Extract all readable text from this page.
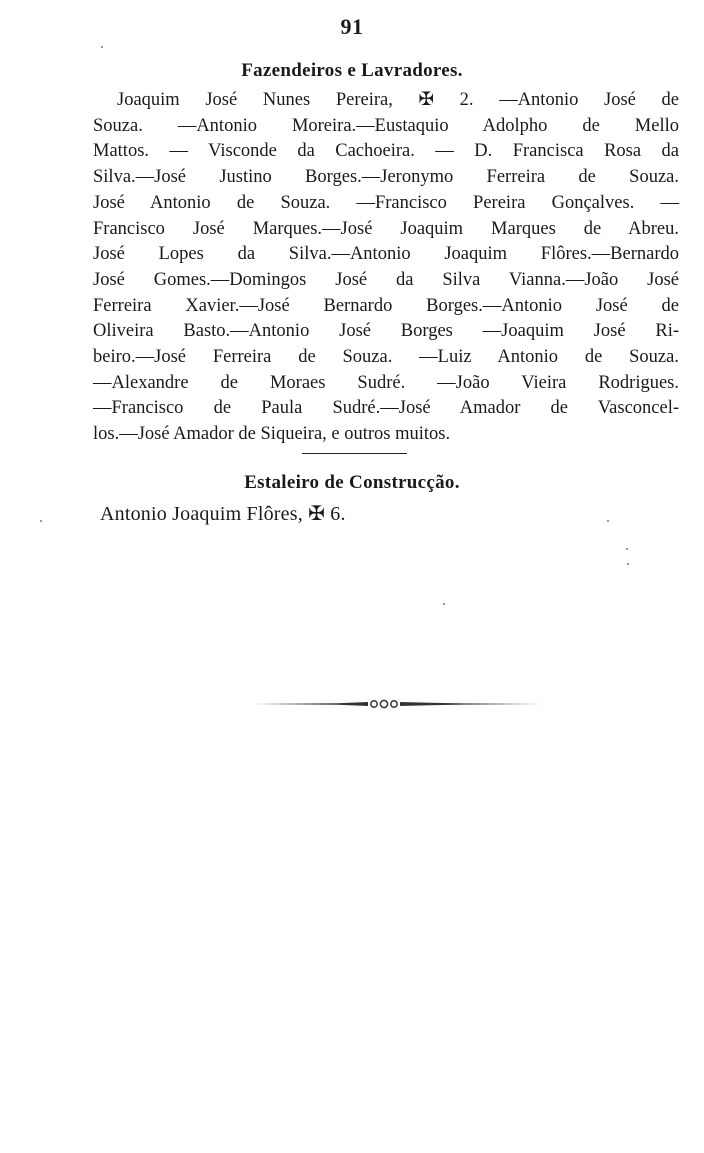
91
Fazendeiros e Lavradores.
Joaquim José Nunes Pereira, ✠ 2. —Antonio José de
Souza. —Antonio Moreira.—Eustaquio Adolpho de Mello
Mattos. — Visconde da Cachoeira. — D. Francisca Rosa da
Silva.—José Justino Borges.—Jeronymo Ferreira de Souza.
José Antonio de Souza. —Francisco Pereira Gonçalves. —
Francisco José Marques.—José Joaquim Marques de Abreu.
José Lopes da Silva.—Antonio Joaquim Flôres.—Bernardo
José Gomes.—Domingos José da Silva Vianna.—João José
Ferreira Xavier.—José Bernardo Borges.—Antonio José de
Oliveira Basto.—Antonio José Borges —Joaquim José Ri-
beiro.—José Ferreira de Souza. —Luiz Antonio de Souza.
—Alexandre de Moraes Sudré. —João Vieira Rodrigues.
—Francisco de Paula Sudré.—José Amador de Vasconcel-
los.—José Amador de Siqueira, e outros muitos.
Estaleiro de Construcção.
Antonio Joaquim Flôres, ✠ 6.
